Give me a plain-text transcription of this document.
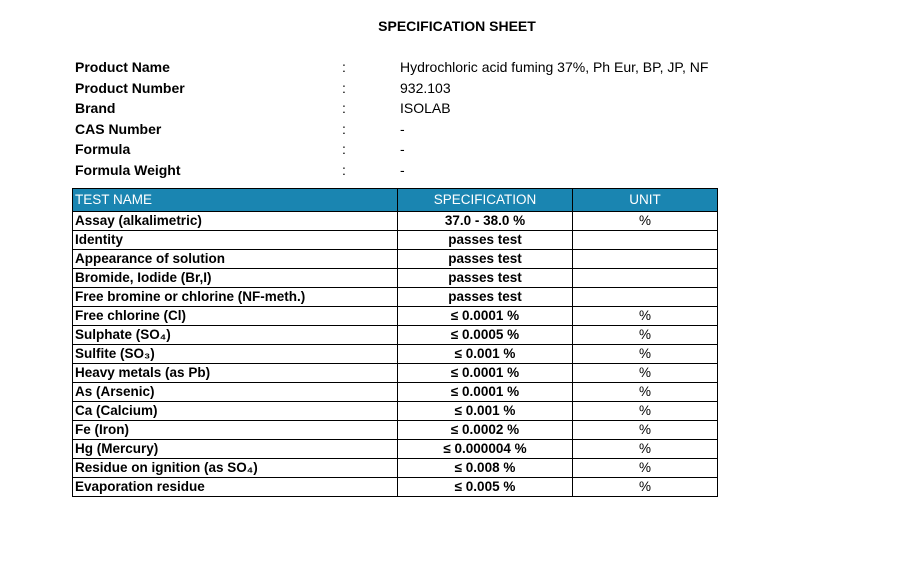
SPECIFICATION SHEET
Product Name	:	Hydrochloric acid fuming 37%, Ph Eur, BP, JP, NF
Product Number	:	932.103
Brand	:	ISOLAB
CAS Number	:	-
Formula	:	-
Formula Weight	:	-
TEST NAME	SPECIFICATION	UNIT
Assay (alkalimetric)	37.0 - 38.0 %	%
Identity	passes test	
Appearance of solution	passes test	
Bromide, Iodide (Br,I)	passes test	
Free bromine or chlorine (NF-meth.)	passes test	
Free chlorine (Cl)	≤ 0.0001 %	%
Sulphate (SO₄)	≤ 0.0005 %	%
Sulfite (SO₃)	≤ 0.001 %	%
Heavy metals (as Pb)	≤ 0.0001 %	%
As (Arsenic)	≤ 0.0001 %	%
Ca (Calcium)	≤ 0.001 %	%
Fe (Iron)	≤ 0.0002 %	%
Hg (Mercury)	≤ 0.000004 %	%
Residue on ignition (as SO₄)	≤ 0.008 %	%
Evaporation residue	≤ 0.005 %	%
